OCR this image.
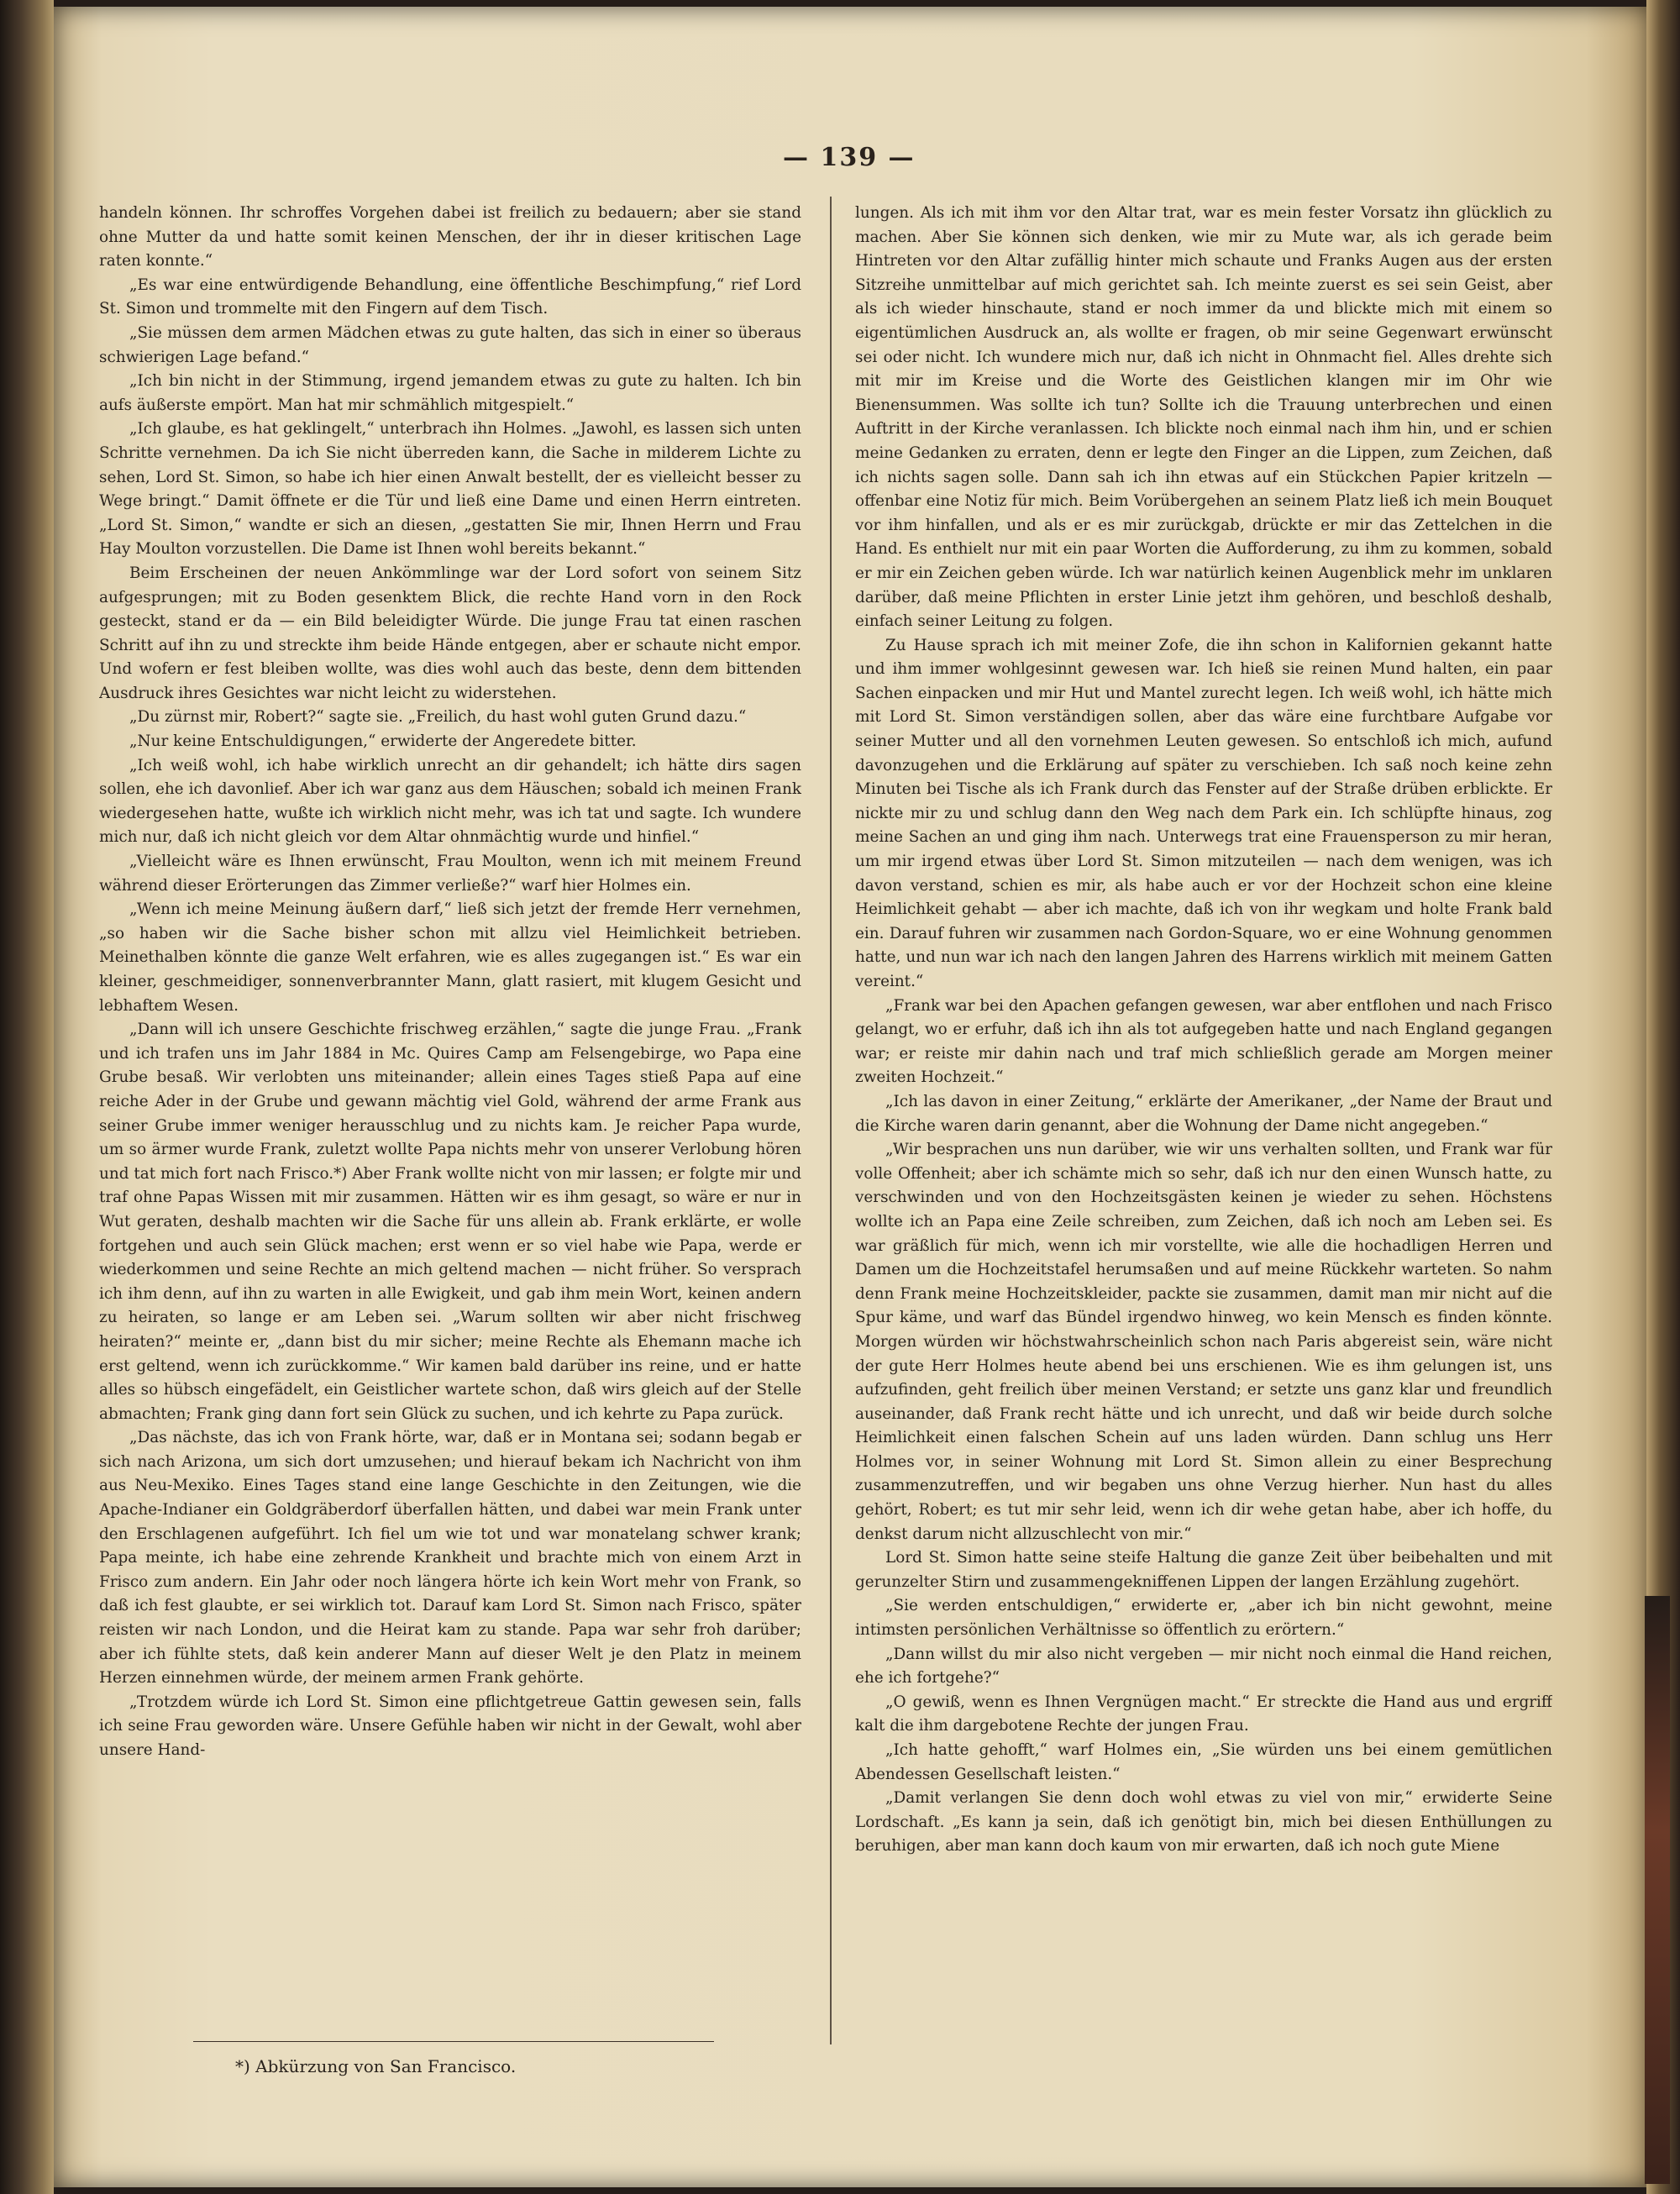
— 139 —

handeln können. Ihr schroffes Vorgehen dabei ist freilich zu bedauern; aber sie stand ohne Mutter da und hatte somit keinen Menschen, der ihr in dieser kritischen Lage raten konnte.“

„Es war eine entwürdigende Behandlung, eine öffentliche Beschimpfung,“ rief Lord St. Simon und trommelte mit den Fingern auf dem Tisch.

„Sie müssen dem armen Mädchen etwas zu gute halten, das sich in einer so überaus schwierigen Lage befand.“

„Ich bin nicht in der Stimmung, irgend jemandem etwas zu gute zu halten. Ich bin aufs äußerste empört. Man hat mir schmählich mitgespielt.“

„Ich glaube, es hat geklingelt,“ unterbrach ihn Holmes. „Jawohl, es lassen sich unten Schritte vernehmen. Da ich Sie nicht überreden kann, die Sache in milderem Lichte zu sehen, Lord St. Simon, so habe ich hier einen Anwalt bestellt, der es vielleicht besser zu Wege bringt.“ Damit öffnete er die Tür und ließ eine Dame und einen Herrn eintreten. „Lord St. Simon,“ wandte er sich an diesen, „gestatten Sie mir, Ihnen Herrn und Frau Hay Moulton vorzustellen. Die Dame ist Ihnen wohl bereits bekannt.“

Beim Erscheinen der neuen Ankömmlinge war der Lord sofort von seinem Sitz aufgesprungen; mit zu Boden gesenktem Blick, die rechte Hand vorn in den Rock gesteckt, stand er da — ein Bild beleidigter Würde. Die junge Frau tat einen raschen Schritt auf ihn zu und streckte ihm beide Hände entgegen, aber er schaute nicht empor. Und wofern er fest bleiben wollte, was dies wohl auch das beste, denn dem bittenden Ausdruck ihres Gesichtes war nicht leicht zu widerstehen.

„Du zürnst mir, Robert?“ sagte sie. „Freilich, du hast wohl guten Grund dazu.“

„Nur keine Entschuldigungen,“ erwiderte der Angeredete bitter.

„Ich weiß wohl, ich habe wirklich unrecht an dir gehandelt; ich hätte dirs sagen sollen, ehe ich davonlief. Aber ich war ganz aus dem Häuschen; sobald ich meinen Frank wiedergesehen hatte, wußte ich wirklich nicht mehr, was ich tat und sagte. Ich wundere mich nur, daß ich nicht gleich vor dem Altar ohnmächtig wurde und hinfiel.“

„Vielleicht wäre es Ihnen erwünscht, Frau Moulton, wenn ich mit meinem Freund während dieser Erörterungen das Zimmer verließe?“ warf hier Holmes ein.

„Wenn ich meine Meinung äußern darf,“ ließ sich jetzt der fremde Herr vernehmen, „so haben wir die Sache bisher schon mit allzu viel Heimlichkeit betrieben. Meinethalben könnte die ganze Welt erfahren, wie es alles zugegangen ist.“ Es war ein kleiner, geschmeidiger, sonnenverbrannter Mann, glatt rasiert, mit klugem Gesicht und lebhaftem Wesen.

„Dann will ich unsere Geschichte frischweg erzählen,“ sagte die junge Frau. „Frank und ich trafen uns im Jahr 1884 in Mc. Quires Camp am Felsengebirge, wo Papa eine Grube besaß. Wir verlobten uns miteinander; allein eines Tages stieß Papa auf eine reiche Ader in der Grube und gewann mächtig viel Gold, während der arme Frank aus seiner Grube immer weniger herausschlug und zu nichts kam. Je reicher Papa wurde, um so ärmer wurde Frank, zuletzt wollte Papa nichts mehr von unserer Verlobung hören und tat mich fort nach Frisco.*) Aber Frank wollte nicht von mir lassen; er folgte mir und traf ohne Papas Wissen mit mir zusammen. Hätten wir es ihm gesagt, so wäre er nur in Wut geraten, deshalb machten wir die Sache für uns allein ab. Frank erklärte, er wolle fortgehen und auch sein Glück machen; erst wenn er so viel habe wie Papa, werde er wiederkommen und seine Rechte an mich geltend machen — nicht früher. So versprach ich ihm denn, auf ihn zu warten in alle Ewigkeit, und gab ihm mein Wort, keinen andern zu heiraten, so lange er am Leben sei. „Warum sollten wir aber nicht frischweg heiraten?“ meinte er, „dann bist du mir sicher; meine Rechte als Ehemann mache ich erst geltend, wenn ich zurückkomme.“ Wir kamen bald darüber ins reine, und er hatte alles so hübsch eingefädelt, ein Geistlicher wartete schon, daß wirs gleich auf der Stelle abmachten; Frank ging dann fort sein Glück zu suchen, und ich kehrte zu Papa zurück.

„Das nächste, das ich von Frank hörte, war, daß er in Montana sei; sodann begab er sich nach Arizona, um sich dort umzusehen; und hierauf bekam ich Nachricht von ihm aus Neu-Mexiko. Eines Tages stand eine lange Geschichte in den Zeitungen, wie die Apache-Indianer ein Goldgräberdorf überfallen hätten, und dabei war mein Frank unter den Erschlagenen aufgeführt. Ich fiel um wie tot und war monatelang schwer krank; Papa meinte, ich habe eine zehrende Krankheit und brachte mich von einem Arzt in Frisco zum andern. Ein Jahr oder noch längera hörte ich kein Wort mehr von Frank, so daß ich fest glaubte, er sei wirklich tot. Darauf kam Lord St. Simon nach Frisco, später reisten wir nach London, und die Heirat kam zu stande. Papa war sehr froh darüber; aber ich fühlte stets, daß kein anderer Mann auf dieser Welt je den Platz in meinem Herzen einnehmen würde, der meinem armen Frank gehörte.

„Trotzdem würde ich Lord St. Simon eine pflichtgetreue Gattin gewesen sein, falls ich seine Frau geworden wäre. Unsere Gefühle haben wir nicht in der Gewalt, wohl aber unsere Hand-

lungen. Als ich mit ihm vor den Altar trat, war es mein fester Vorsatz ihn glücklich zu machen. Aber Sie können sich denken, wie mir zu Mute war, als ich gerade beim Hintreten vor den Altar zufällig hinter mich schaute und Franks Augen aus der ersten Sitzreihe unmittelbar auf mich gerichtet sah. Ich meinte zuerst es sei sein Geist, aber als ich wieder hinschaute, stand er noch immer da und blickte mich mit einem so eigentümlichen Ausdruck an, als wollte er fragen, ob mir seine Gegenwart erwünscht sei oder nicht. Ich wundere mich nur, daß ich nicht in Ohnmacht fiel. Alles drehte sich mit mir im Kreise und die Worte des Geistlichen klangen mir im Ohr wie Bienensummen. Was sollte ich tun? Sollte ich die Trauung unterbrechen und einen Auftritt in der Kirche veranlassen. Ich blickte noch einmal nach ihm hin, und er schien meine Gedanken zu erraten, denn er legte den Finger an die Lippen, zum Zeichen, daß ich nichts sagen solle. Dann sah ich ihn etwas auf ein Stückchen Papier kritzeln — offenbar eine Notiz für mich. Beim Vorübergehen an seinem Platz ließ ich mein Bouquet vor ihm hinfallen, und als er es mir zurückgab, drückte er mir das Zettelchen in die Hand. Es enthielt nur mit ein paar Worten die Aufforderung, zu ihm zu kommen, sobald er mir ein Zeichen geben würde. Ich war natürlich keinen Augenblick mehr im unklaren darüber, daß meine Pflichten in erster Linie jetzt ihm gehören, und beschloß deshalb, einfach seiner Leitung zu folgen.

Zu Hause sprach ich mit meiner Zofe, die ihn schon in Kalifornien gekannt hatte und ihm immer wohlgesinnt gewesen war. Ich hieß sie reinen Mund halten, ein paar Sachen einpacken und mir Hut und Mantel zurecht legen. Ich weiß wohl, ich hätte mich mit Lord St. Simon verständigen sollen, aber das wäre eine furchtbare Aufgabe vor seiner Mutter und all den vornehmen Leuten gewesen. So entschloß ich mich, aufund davonzugehen und die Erklärung auf später zu verschieben. Ich saß noch keine zehn Minuten bei Tische als ich Frank durch das Fenster auf der Straße drüben erblickte. Er nickte mir zu und schlug dann den Weg nach dem Park ein. Ich schlüpfte hinaus, zog meine Sachen an und ging ihm nach. Unterwegs trat eine Frauensperson zu mir heran, um mir irgend etwas über Lord St. Simon mitzuteilen — nach dem wenigen, was ich davon verstand, schien es mir, als habe auch er vor der Hochzeit schon eine kleine Heimlichkeit gehabt — aber ich machte, daß ich von ihr wegkam und holte Frank bald ein. Darauf fuhren wir zusammen nach Gordon-Square, wo er eine Wohnung genommen hatte, und nun war ich nach den langen Jahren des Harrens wirklich mit meinem Gatten vereint.“

„Frank war bei den Apachen gefangen gewesen, war aber entflohen und nach Frisco gelangt, wo er erfuhr, daß ich ihn als tot aufgegeben hatte und nach England gegangen war; er reiste mir dahin nach und traf mich schließlich gerade am Morgen meiner zweiten Hochzeit.“

„Ich las davon in einer Zeitung,“ erklärte der Amerikaner, „der Name der Braut und die Kirche waren darin genannt, aber die Wohnung der Dame nicht angegeben.“

„Wir besprachen uns nun darüber, wie wir uns verhalten sollten, und Frank war für volle Offenheit; aber ich schämte mich so sehr, daß ich nur den einen Wunsch hatte, zu verschwinden und von den Hochzeitsgästen keinen je wieder zu sehen. Höchstens wollte ich an Papa eine Zeile schreiben, zum Zeichen, daß ich noch am Leben sei. Es war gräßlich für mich, wenn ich mir vorstellte, wie alle die hochadligen Herren und Damen um die Hochzeitstafel herumsaßen und auf meine Rückkehr warteten. So nahm denn Frank meine Hochzeitskleider, packte sie zusammen, damit man mir nicht auf die Spur käme, und warf das Bündel irgendwo hinweg, wo kein Mensch es finden könnte. Morgen würden wir höchstwahrscheinlich schon nach Paris abgereist sein, wäre nicht der gute Herr Holmes heute abend bei uns erschienen. Wie es ihm gelungen ist, uns aufzufinden, geht freilich über meinen Verstand; er setzte uns ganz klar und freundlich auseinander, daß Frank recht hätte und ich unrecht, und daß wir beide durch solche Heimlichkeit einen falschen Schein auf uns laden würden. Dann schlug uns Herr Holmes vor, in seiner Wohnung mit Lord St. Simon allein zu einer Besprechung zusammenzutreffen, und wir begaben uns ohne Verzug hierher. Nun hast du alles gehört, Robert; es tut mir sehr leid, wenn ich dir wehe getan habe, aber ich hoffe, du denkst darum nicht allzuschlecht von mir.“

Lord St. Simon hatte seine steife Haltung die ganze Zeit über beibehalten und mit gerunzelter Stirn und zusammengekniffenen Lippen der langen Erzählung zugehört.

„Sie werden entschuldigen,“ erwiderte er, „aber ich bin nicht gewohnt, meine intimsten persönlichen Verhältnisse so öffentlich zu erörtern.“

„Dann willst du mir also nicht vergeben — mir nicht noch einmal die Hand reichen, ehe ich fortgehe?“

„O gewiß, wenn es Ihnen Vergnügen macht.“ Er streckte die Hand aus und ergriff kalt die ihm dargebotene Rechte der jungen Frau.

„Ich hatte gehofft,“ warf Holmes ein, „Sie würden uns bei einem gemütlichen Abendessen Gesellschaft leisten.“

„Damit verlangen Sie denn doch wohl etwas zu viel von mir,“ erwiderte Seine Lordschaft. „Es kann ja sein, daß ich genötigt bin, mich bei diesen Enthüllungen zu beruhigen, aber man kann doch kaum von mir erwarten, daß ich noch gute Miene

*) Abkürzung von San Francisco.
